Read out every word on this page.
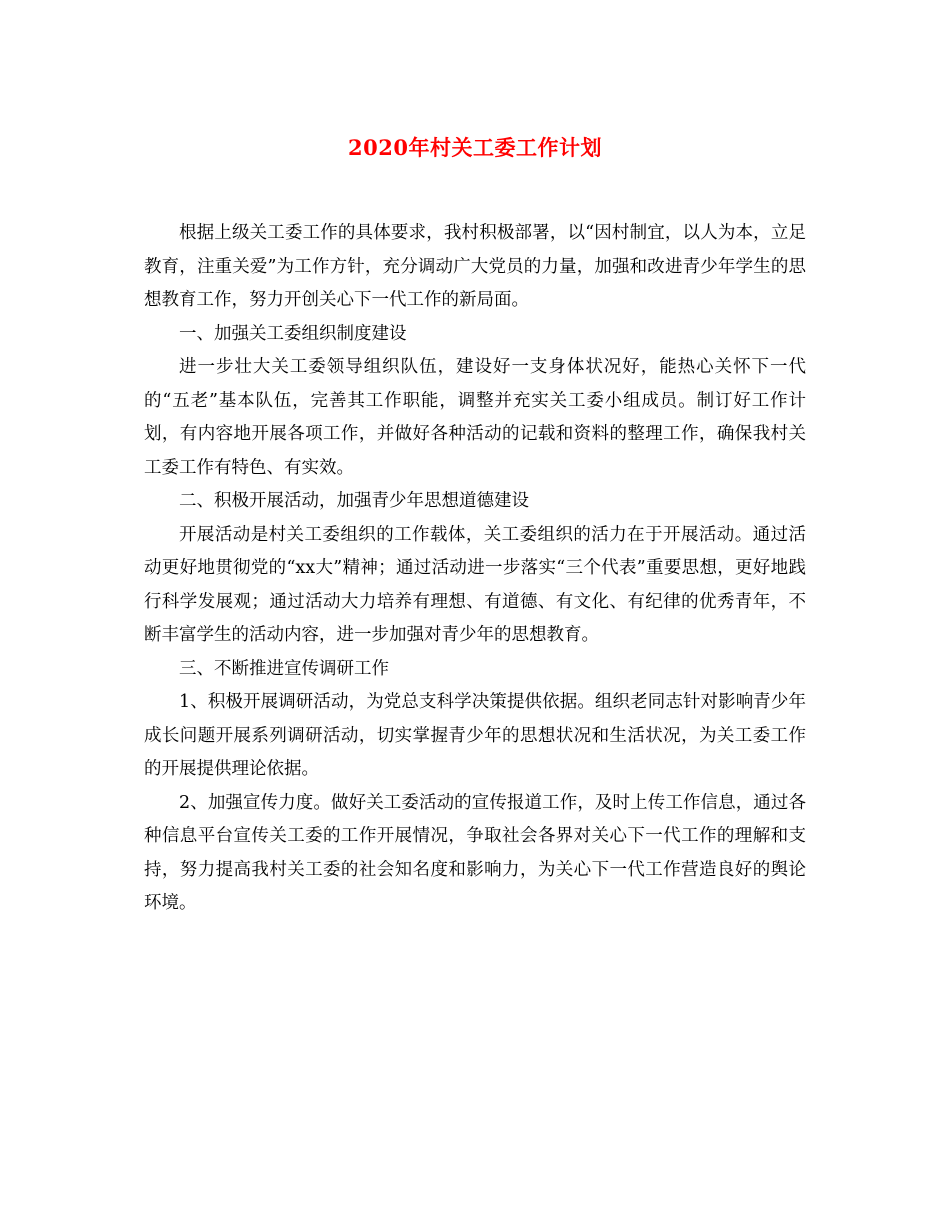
2020年村关工委工作计划

根据上级关工委工作的具体要求，我村积极部署，以“因村制宜，以人为本，立足教育，注重关爱”为工作方针，充分调动广大党员的力量，加强和改进青少年学生的思想教育工作，努力开创关心下一代工作的新局面。

一、加强关工委组织制度建设

进一步壮大关工委领导组织队伍，建设好一支身体状况好，能热心关怀下一代的“五老”基本队伍，完善其工作职能，调整并充实关工委小组成员。制订好工作计划，有内容地开展各项工作，并做好各种活动的记载和资料的整理工作，确保我村关工委工作有特色、有实效。

二、积极开展活动，加强青少年思想道德建设

开展活动是村关工委组织的工作载体，关工委组织的活力在于开展活动。通过活动更好地贯彻党的“xx大”精神；通过活动进一步落实“三个代表”重要思想，更好地践行科学发展观；通过活动大力培养有理想、有道德、有文化、有纪律的优秀青年，不断丰富学生的活动内容，进一步加强对青少年的思想教育。

三、不断推进宣传调研工作

1、积极开展调研活动，为党总支科学决策提供依据。组织老同志针对影响青少年成长问题开展系列调研活动，切实掌握青少年的思想状况和生活状况，为关工委工作的开展提供理论依据。

2、加强宣传力度。做好关工委活动的宣传报道工作，及时上传工作信息，通过各种信息平台宣传关工委的工作开展情况，争取社会各界对关心下一代工作的理解和支持，努力提高我村关工委的社会知名度和影响力，为关心下一代工作营造良好的舆论环境。
